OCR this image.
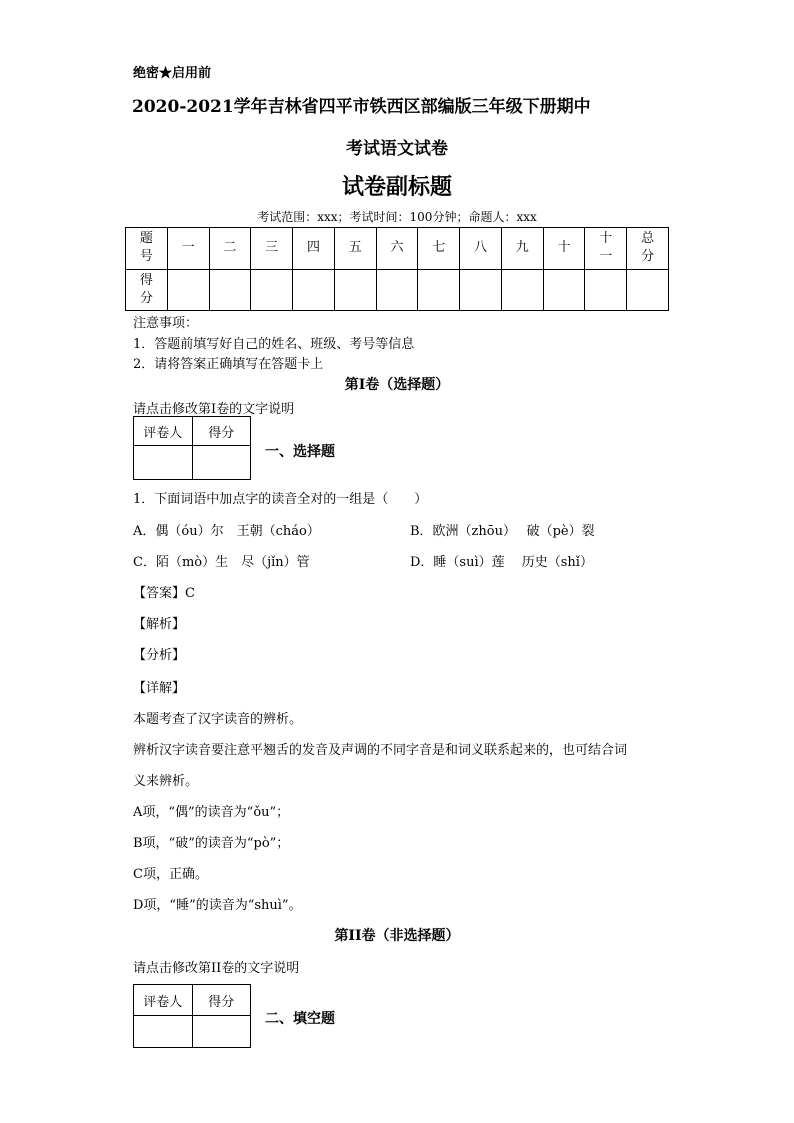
绝密★启用前
2020-2021学年吉林省四平市铁西区部编版三年级下册期中
考试语文试卷
试卷副标题
考试范围：xxx；考试时间：100分钟；命题人：xxx
题号	一	二	三	四	五	六	七	八	九	十	十一	总分
得分												
注意事项：
1．答题前填写好自己的姓名、班级、考号等信息
2．请将答案正确填写在答题卡上
第I卷（选择题）
请点击修改第I卷的文字说明
评卷人	得分

一、选择题
1．下面词语中加点字的读音全对的一组是（　　）
A．偶（óu）尔　王朝（cháo）	B．欧洲（zhōu）　 破（pè）裂
C．陌（mò）生　尽（jǐn）管	D．睡（suì）莲　 历史（shǐ）
【答案】C
【解析】
【分析】
【详解】
本题考查了汉字读音的辨析。
辨析汉字读音要注意平翘舌的发音及声调的不同字音是和词义联系起来的，也可结合词
义来辨析。
A项，“偶”的读音为“ǒu”；
B项，“破”的读音为“pò”；
C项，正确。
D项，“睡”的读音为“shuì”。
第II卷（非选择题）
请点击修改第II卷的文字说明
评卷人	得分

二、填空题
